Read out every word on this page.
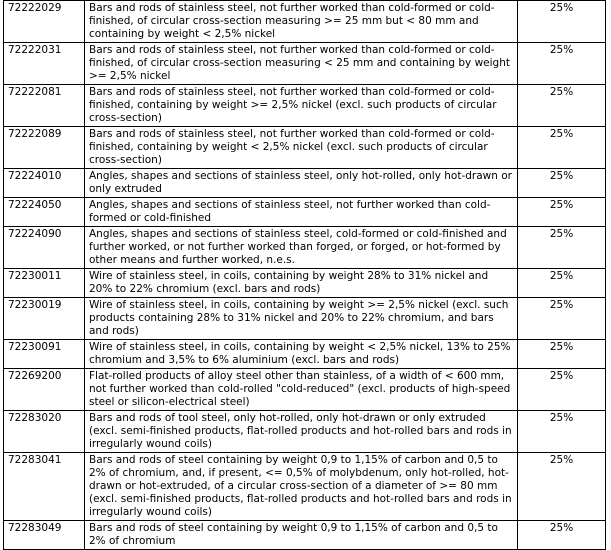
72222029	Bars and rods of stainless steel, not further worked than cold-formed or cold-finished, of circular cross-section measuring >= 25 mm but < 80 mm and containing by weight < 2,5% nickel	25%
72222031	Bars and rods of stainless steel, not further worked than cold-formed or cold-finished, of circular cross-section measuring < 25 mm and containing by weight >= 2,5% nickel	25%
72222081	Bars and rods of stainless steel, not further worked than cold-formed or cold-finished, containing by weight >= 2,5% nickel (excl. such products of circular cross-section)	25%
72222089	Bars and rods of stainless steel, not further worked than cold-formed or cold-finished, containing by weight < 2,5% nickel (excl. such products of circular cross-section)	25%
72224010	Angles, shapes and sections of stainless steel, only hot-rolled, only hot-drawn or only extruded	25%
72224050	Angles, shapes and sections of stainless steel, not further worked than cold-formed or cold-finished	25%
72224090	Angles, shapes and sections of stainless steel, cold-formed or cold-finished and further worked, or not further worked than forged, or forged, or hot-formed by other means and further worked, n.e.s.	25%
72230011	Wire of stainless steel, in coils, containing by weight 28% to 31% nickel and 20% to 22% chromium (excl. bars and rods)	25%
72230019	Wire of stainless steel, in coils, containing by weight >= 2,5% nickel (excl. such products containing 28% to 31% nickel and 20% to 22% chromium, and bars and rods)	25%
72230091	Wire of stainless steel, in coils, containing by weight < 2,5% nickel, 13% to 25% chromium and 3,5% to 6% aluminium (excl. bars and rods)	25%
72269200	Flat-rolled products of alloy steel other than stainless, of a width of < 600 mm, not further worked than cold-rolled "cold-reduced" (excl. products of high-speed steel or silicon-electrical steel)	25%
72283020	Bars and rods of tool steel, only hot-rolled, only hot-drawn or only extruded (excl. semi-finished products, flat-rolled products and hot-rolled bars and rods in irregularly wound coils)	25%
72283041	Bars and rods of steel containing by weight 0,9 to 1,15% of carbon and 0,5 to 2% of chromium, and, if present, <= 0,5% of molybdenum, only hot-rolled, hot-drawn or hot-extruded, of a circular cross-section of a diameter of >= 80 mm (excl. semi-finished products, flat-rolled products and hot-rolled bars and rods in irregularly wound coils)	25%
72283049	Bars and rods of steel containing by weight 0,9 to 1,15% of carbon and 0,5 to 2% of chromium	25%
